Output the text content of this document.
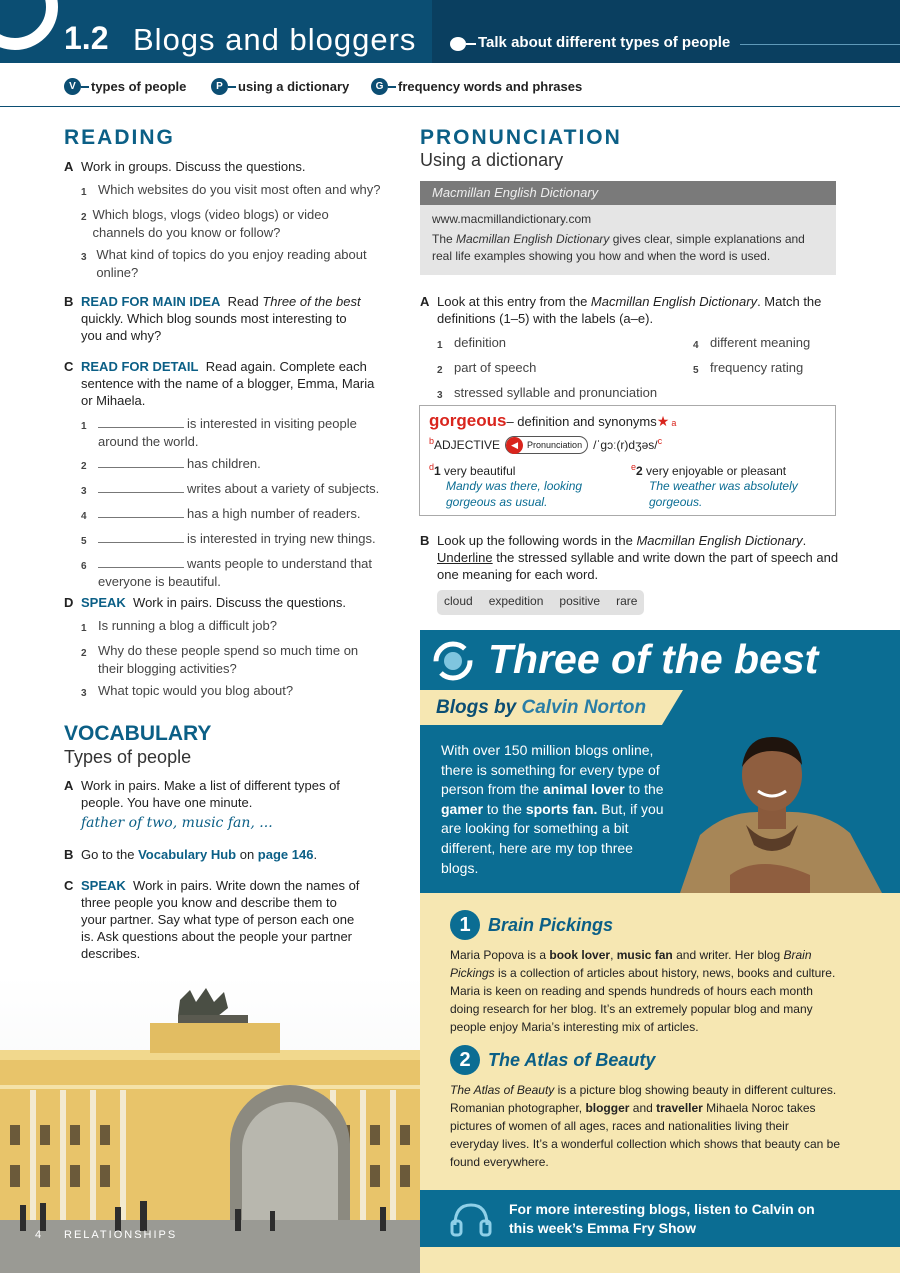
1.2 Blogs and bloggers	Talk about different types of people
V	types of people	P	using a dictionary	G	frequency words and phrases
READING
A Work in groups. Discuss the questions.
1 Which websites do you visit most often and why?
2 Which blogs, vlogs (video blogs) or video channels do you know or follow?
3 What kind of topics do you enjoy reading about online?
B READ FOR MAIN IDEA Read Three of the best quickly. Which blog sounds most interesting to you and why?
C READ FOR DETAIL Read again. Complete each sentence with the name of a blogger, Emma, Maria or Mihaela.
1	is interested in visiting people around the world.
2	has children.
3	writes about a variety of subjects.
4	has a high number of readers.
5	is interested in trying new things.
6	wants people to understand that everyone is beautiful.
D SPEAK Work in pairs. Discuss the questions.
1 Is running a blog a difficult job?
2 Why do these people spend so much time on their blogging activities?
3 What topic would you blog about?
VOCABULARY
Types of people
A Work in pairs. Make a list of different types of people. You have one minute.
father of two, music fan, ...
B Go to the Vocabulary Hub on page 146.
C SPEAK Work in pairs. Write down the names of three people you know and describe them to your partner. Say what type of person each one is. Ask questions about the people your partner describes.
4 RELATIONSHIPS
PRONUNCIATION
Using a dictionary
Macmillan English Dictionary
www.macmillandictionary.com
The Macmillan English Dictionary gives clear, simple explanations and real life examples showing you how and when the word is used.
A Look at this entry from the Macmillan English Dictionary. Match the definitions (1–5) with the labels (a–e).
1 definition
2 part of speech
3 stressed syllable and pronunciation
4 different meaning
5 frequency rating
gorgeous – definition and synonyms ★ a
b ADJECTIVE	◀	Pronunciation /ˈɡɔː(r)dʒəs/$^c$
$^d$1 very beautiful
Mandy was there, looking gorgeous as usual.
$^e$2 very enjoyable or pleasant
The weather was absolutely gorgeous.
B Look up the following words in the Macmillan English Dictionary. Underline the stressed syllable and write down the part of speech and one meaning for each word.
cloud expedition positive rare
Three of the best
Blogs by Calvin Norton
With over 150 million blogs online, there is something for every type of person from the animal lover to the gamer to the sports fan. But, if you are looking for something a bit different, here are my top three blogs.
1 Brain Pickings
Maria Popova is a book lover, music fan and writer. Her blog Brain Pickings is a collection of articles about history, news, books and culture. Maria is keen on reading and spends hundreds of hours each month doing research for her blog. It’s an extremely popular blog and many people enjoy Maria’s interesting mix of articles.
2 The Atlas of Beauty
The Atlas of Beauty is a picture blog showing beauty in different cultures. Romanian photographer, blogger and traveller Mihaela Noroc takes pictures of women of all ages, races and nationalities living their everyday lives. It’s a wonderful collection which shows that beauty can be found everywhere.
For more interesting blogs, listen to Calvin on this week’s Emma Fry Show
